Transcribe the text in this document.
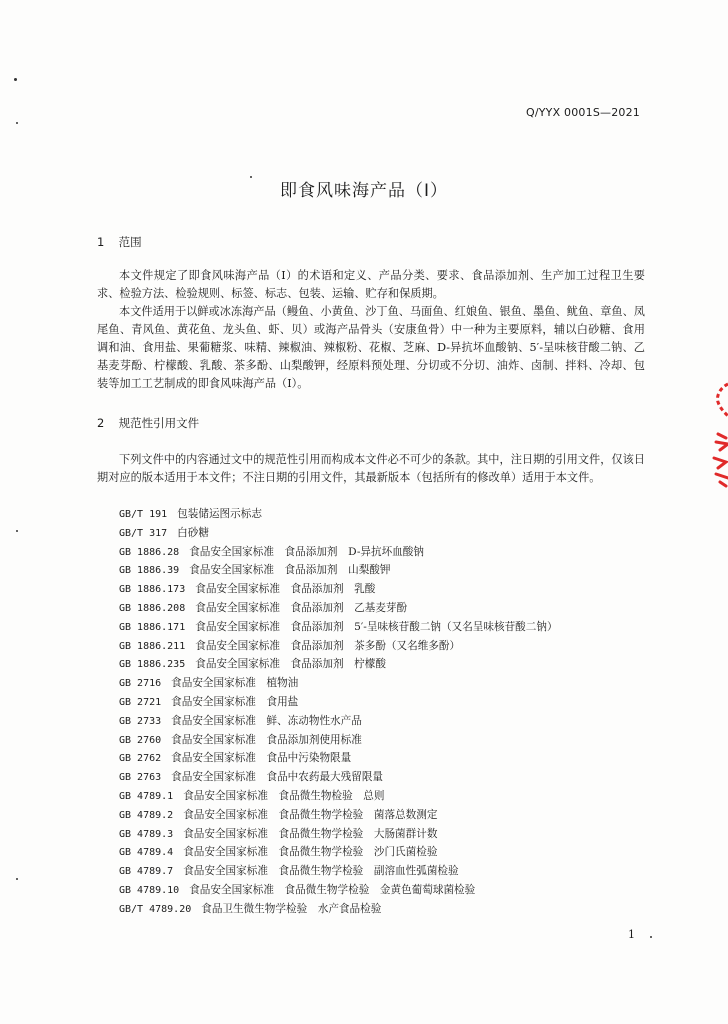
Q/YYX 0001S—2021
即食风味海产品（Ⅰ）
1 范围

本文件规定了即食风味海产品（Ⅰ）的术语和定义、产品分类、要求、食品添加剂、生产加工过程卫生要求、检验方法、检验规则、标签、标志、包装、运输、贮存和保质期。

本文件适用于以鲜或冰冻海产品（鳗鱼、小黄鱼、沙丁鱼、马面鱼、红娘鱼、银鱼、墨鱼、鱿鱼、章鱼、凤尾鱼、青风鱼、黄花鱼、龙头鱼、虾、贝）或海产品骨头（安康鱼骨）中一种为主要原料，辅以白砂糖、食用调和油、食用盐、果葡糖浆、味精、辣椒油、辣椒粉、花椒、芝麻、D-异抗坏血酸钠、5′-呈味核苷酸二钠、乙基麦芽酚、柠檬酸、乳酸、茶多酚、山梨酸钾，经原料预处理、分切或不分切、油炸、卤制、拌料、冷却、包装等加工工艺制成的即食风味海产品（Ⅰ）。

2 规范性引用文件

下列文件中的内容通过文中的规范性引用而构成本文件必不可少的条款。其中，注日期的引用文件，仅该日期对应的版本适用于本文件；不注日期的引用文件，其最新版本（包括所有的修改单）适用于本文件。

GB/T 191 包装储运图示标志
GB/T 317 白砂糖
GB 1886.28 食品安全国家标准　食品添加剂　D-异抗坏血酸钠
GB 1886.39 食品安全国家标准　食品添加剂　山梨酸钾
GB 1886.173 食品安全国家标准　食品添加剂　乳酸
GB 1886.208 食品安全国家标准　食品添加剂　乙基麦芽酚
GB 1886.171 食品安全国家标准　食品添加剂　5′-呈味核苷酸二钠（又名呈味核苷酸二钠）
GB 1886.211 食品安全国家标准　食品添加剂　茶多酚（又名维多酚）
GB 1886.235 食品安全国家标准　食品添加剂　柠檬酸
GB 2716 食品安全国家标准　植物油
GB 2721 食品安全国家标准　食用盐
GB 2733 食品安全国家标准　鲜、冻动物性水产品
GB 2760 食品安全国家标准　食品添加剂使用标准
GB 2762 食品安全国家标准　食品中污染物限量
GB 2763 食品安全国家标准　食品中农药最大残留限量
GB 4789.1 食品安全国家标准　食品微生物检验　总则
GB 4789.2 食品安全国家标准　食品微生物学检验　菌落总数测定
GB 4789.3 食品安全国家标准　食品微生物学检验　大肠菌群计数
GB 4789.4 食品安全国家标准　食品微生物学检验　沙门氏菌检验
GB 4789.7 食品安全国家标准　食品微生物学检验　副溶血性弧菌检验
GB 4789.10 食品安全国家标准　食品微生物学检验　金黄色葡萄球菌检验
GB/T 4789.20 食品卫生微生物学检验　水产食品检验
1
